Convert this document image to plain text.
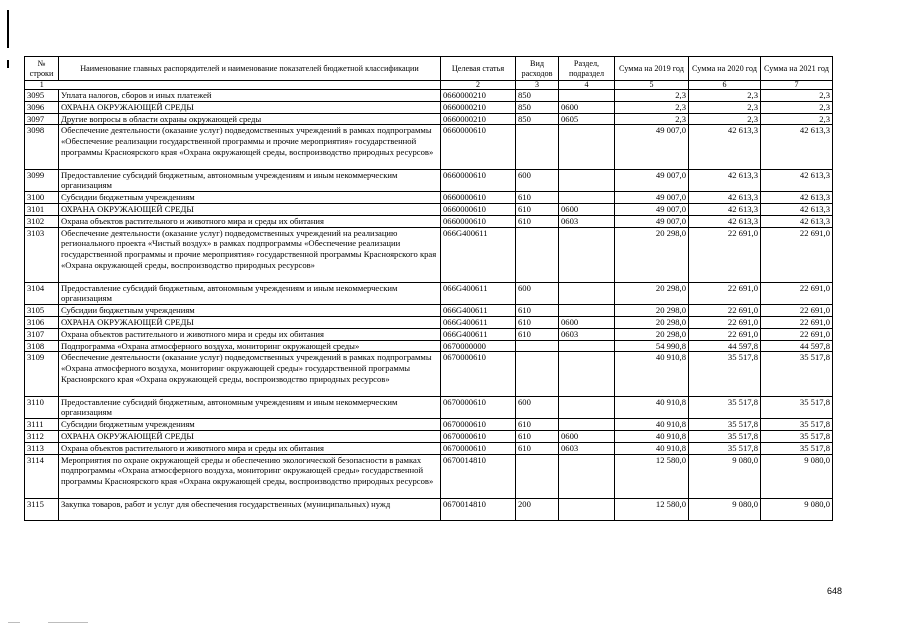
№ строки	Наименование главных распорядителей и наименование показателей бюджетной классификации	Целевая статья	Вид расходов	Раздел, подраздел	Сумма на 2019 год	Сумма на 2020 год	Сумма на 2021 год
1		2	3	4	5	6	7
3095	Уплата налогов, сборов и иных платежей	0660000210	850		2,3	2,3	2,3
3096	ОХРАНА ОКРУЖАЮЩЕЙ СРЕДЫ	0660000210	850	0600	2,3	2,3	2,3
3097	Другие вопросы в области охраны окружающей среды	0660000210	850	0605	2,3	2,3	2,3
3098	Обеспечение деятельности (оказание услуг) подведомственных учреждений в рамках подпрограммы «Обеспечение реализации государственной программы и прочие мероприятия» государственной программы Красноярского края «Охрана окружающей среды, воспроизводство природных ресурсов»	0660000610			49 007,0	42 613,3	42 613,3
3099	Предоставление субсидий бюджетным, автономным учреждениям и иным некоммерческим организациям	0660000610	600		49 007,0	42 613,3	42 613,3
3100	Субсидии бюджетным учреждениям	0660000610	610		49 007,0	42 613,3	42 613,3
3101	ОХРАНА ОКРУЖАЮЩЕЙ СРЕДЫ	0660000610	610	0600	49 007,0	42 613,3	42 613,3
3102	Охрана объектов растительного и животного мира и среды их обитания	0660000610	610	0603	49 007,0	42 613,3	42 613,3
3103	Обеспечение деятельности (оказание услуг) подведомственных учреждений на реализацию регионального проекта «Чистый воздух» в рамках подпрограммы «Обеспечение реализации государственной программы и прочие мероприятия» государственной программы Красноярского края «Охрана окружающей среды, воспроизводство природных ресурсов»	066G400611			20 298,0	22 691,0	22 691,0
3104	Предоставление субсидий бюджетным, автономным учреждениям и иным некоммерческим организациям	066G400611	600		20 298,0	22 691,0	22 691,0
3105	Субсидии бюджетным учреждениям	066G400611	610		20 298,0	22 691,0	22 691,0
3106	ОХРАНА ОКРУЖАЮЩЕЙ СРЕДЫ	066G400611	610	0600	20 298,0	22 691,0	22 691,0
3107	Охрана объектов растительного и животного мира и среды их обитания	066G400611	610	0603	20 298,0	22 691,0	22 691,0
3108	Подпрограмма «Охрана атмосферного воздуха, мониторинг окружающей среды»	0670000000			54 990,8	44 597,8	44 597,8
3109	Обеспечение деятельности (оказание услуг) подведомственных учреждений в рамках подпрограммы «Охрана атмосферного воздуха, мониторинг окружающей среды» государственной программы Красноярского края «Охрана окружающей среды, воспроизводство природных ресурсов»	0670000610			40 910,8	35 517,8	35 517,8
3110	Предоставление субсидий бюджетным, автономным учреждениям и иным некоммерческим организациям	0670000610	600		40 910,8	35 517,8	35 517,8
3111	Субсидии бюджетным учреждениям	0670000610	610		40 910,8	35 517,8	35 517,8
3112	ОХРАНА ОКРУЖАЮЩЕЙ СРЕДЫ	0670000610	610	0600	40 910,8	35 517,8	35 517,8
3113	Охрана объектов растительного и животного мира и среды их обитания	0670000610	610	0603	40 910,8	35 517,8	35 517,8
3114	Мероприятия по охране окружающей среды и обеспечению экологической безопасности в рамках подпрограммы «Охрана атмосферного воздуха, мониторинг окружающей среды» государственной программы Красноярского края «Охрана окружающей среды, воспроизводство природных ресурсов»	0670014810			12 580,0	9 080,0	9 080,0
3115	Закупка товаров, работ и услуг для обеспечения государственных (муниципальных) нужд	0670014810	200		12 580,0	9 080,0	9 080,0
648
